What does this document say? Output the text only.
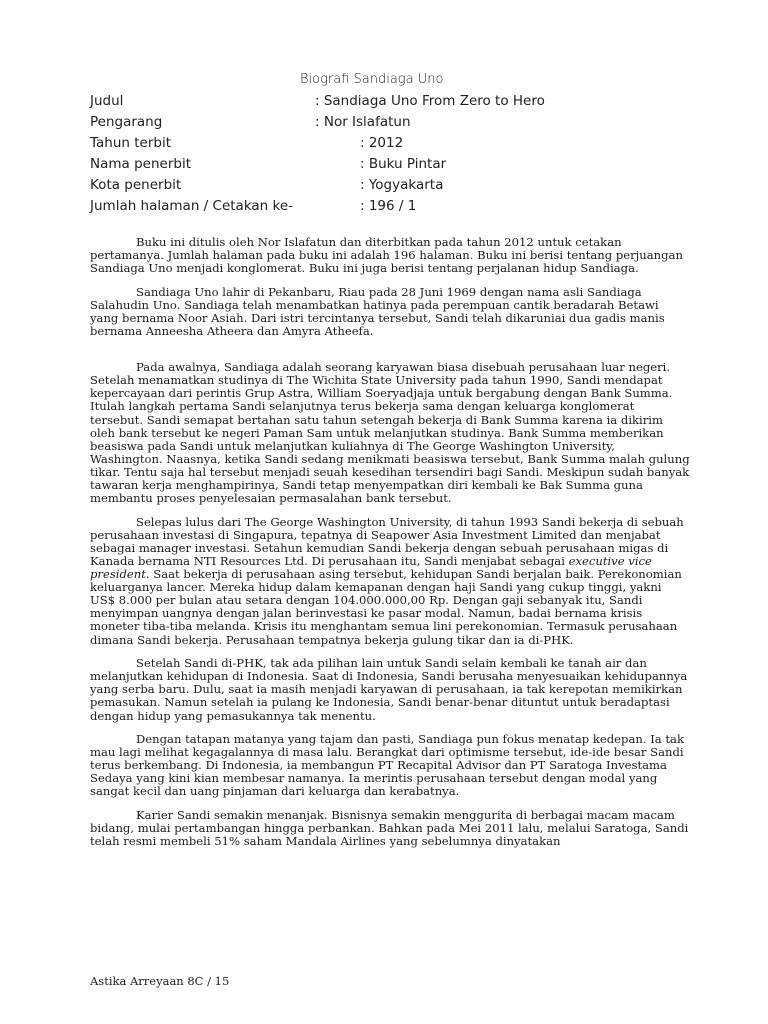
Biografi Sandiaga Uno
Judul	: Sandiaga Uno From Zero to Hero
Pengarang	: Nor Islafatun
Tahun terbit	: 2012
Nama penerbit	: Buku Pintar
Kota penerbit	: Yogyakarta
Jumlah halaman / Cetakan ke-	: 196 / 1

Buku ini ditulis oleh Nor Islafatun dan diterbitkan pada tahun 2012 untuk cetakan pertamanya. Jumlah halaman pada buku ini adalah 196 halaman. Buku ini berisi tentang perjuangan Sandiaga Uno menjadi konglomerat. Buku ini juga berisi tentang perjalanan hidup Sandiaga.

Sandiaga Uno lahir di Pekanbaru, Riau pada 28 Juni 1969 dengan nama asli Sandiaga Salahudin Uno. Sandiaga telah menambatkan hatinya pada perempuan cantik beradarah Betawi yang bernama Noor Asiah. Dari istri tercintanya tersebut, Sandi telah dikaruniai dua gadis manis bernama Anneesha Atheera dan Amyra Atheefa.

Pada awalnya, Sandiaga adalah seorang karyawan biasa disebuah perusahaan luar negeri. Setelah menamatkan studinya di The Wichita State University pada tahun 1990, Sandi mendapat kepercayaan dari perintis Grup Astra, William Soeryadjaja untuk bergabung dengan Bank Summa. Itulah langkah pertama Sandi selanjutnya terus bekerja sama dengan keluarga konglomerat tersebut. Sandi semapat bertahan satu tahun setengah bekerja di Bank Summa karena ia dikirim oleh bank tersebut ke negeri Paman Sam untuk melanjutkan studinya. Bank Summa memberikan beasiswa pada Sandi untuk melanjutkan kuliahnya di The George Washington University, Washington. Naasnya, ketika Sandi sedang menikmati beasiswa tersebut, Bank Summa malah gulung tikar. Tentu saja hal tersebut menjadi seuah kesedihan tersendiri bagi Sandi. Meskipun sudah banyak tawaran kerja menghampirinya, Sandi tetap menyempatkan diri kembali ke Bak Summa guna membantu proses penyelesaian permasalahan bank tersebut.

Selepas lulus dari The George Washington University, di tahun 1993 Sandi bekerja di sebuah perusahaan investasi di Singapura, tepatnya di Seapower Asia Investment Limited dan menjabat sebagai manager investasi. Setahun kemudian Sandi bekerja dengan sebuah perusahaan migas di Kanada bernama NTI Resources Ltd. Di perusahaan itu, Sandi menjabat sebagai executive vice president. Saat bekerja di perusahaan asing tersebut, kehidupan Sandi berjalan baik. Perekonomian keluarganya lancer. Mereka hidup dalam kemapanan dengan haji Sandi yang cukup tinggi, yakni US$ 8.000 per bulan atau setara dengan 104.000.000,00 Rp. Dengan gaji sebanyak itu, Sandi menyimpan uangnya dengan jalan berinvestasi ke pasar modal. Namun, badai bernama krisis moneter tiba-tiba melanda. Krisis itu menghantam semua lini perekonomian. Termasuk perusahaan dimana Sandi bekerja. Perusahaan tempatnya bekerja gulung tikar dan ia di-PHK.

Setelah Sandi di-PHK, tak ada pilihan lain untuk Sandi selain kembali ke tanah air dan melanjutkan kehidupan di Indonesia. Saat di Indonesia, Sandi berusaha menyesuaikan kehidupannya yang serba baru. Dulu, saat ia masih menjadi karyawan di perusahaan, ia tak kerepotan memikirkan pemasukan. Namun setelah ia pulang ke Indonesia, Sandi benar-benar dituntut untuk beradaptasi dengan hidup yang pemasukannya tak menentu.

Dengan tatapan matanya yang tajam dan pasti, Sandiaga pun fokus menatap kedepan. Ia tak mau lagi melihat kegagalannya di masa lalu. Berangkat dari optimisme tersebut, ide-ide besar Sandi terus berkembang. Di Indonesia, ia membangun PT Recapital Advisor dan PT Saratoga Investama Sedaya yang kini kian membesar namanya. Ia merintis perusahaan tersebut dengan modal yang sangat kecil dan uang pinjaman dari keluarga dan kerabatnya.

Karier Sandi semakin menanjak. Bisnisnya semakin menggurita di berbagai macam macam bidang, mulai pertambangan hingga perbankan. Bahkan pada Mei 2011 lalu, melalui Saratoga, Sandi telah resmi membeli 51% saham Mandala Airlines yang sebelumnya dinyatakan

Astika Arreyaan 8C / 15
